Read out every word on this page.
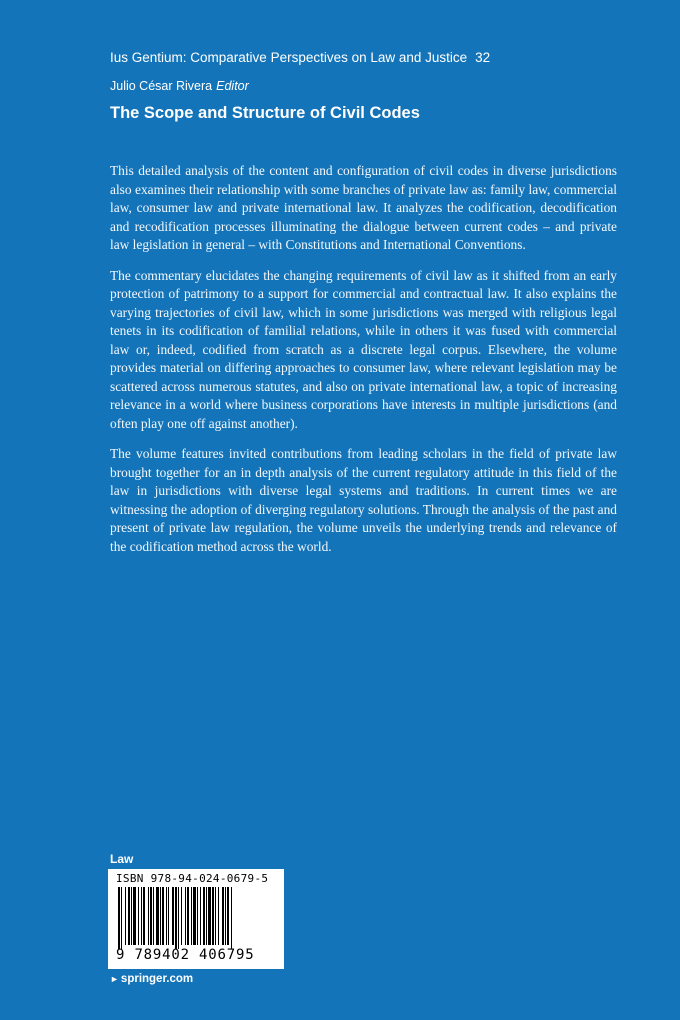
Ius Gentium: Comparative Perspectives on Law and Justice 32
Julio César Rivera Editor
The Scope and Structure of Civil Codes

This detailed analysis of the content and configuration of civil codes in diverse jurisdictions also examines their relationship with some branches of private law as: family law, commercial law, consumer law and private international law. It analyzes the codification, decodification and recodification processes illuminating the dialogue between current codes – and private law legislation in general – with Constitutions and International Conventions.

The commentary elucidates the changing requirements of civil law as it shifted from an early protection of patrimony to a support for commercial and contractual law. It also explains the varying trajectories of civil law, which in some jurisdictions was merged with religious legal tenets in its codification of familial relations, while in others it was fused with commercial law or, indeed, codified from scratch as a discrete legal corpus. Elsewhere, the volume provides material on differing approaches to consumer law, where relevant legislation may be scattered across numerous statutes, and also on private international law, a topic of increasing relevance in a world where business corporations have interests in multiple jurisdictions (and often play one off against another).

The volume features invited contributions from leading scholars in the field of private law brought together for an in depth analysis of the current regulatory attitude in this field of the law in jurisdictions with diverse legal systems and traditions. In current times we are witnessing the adoption of diverging regulatory solutions. Through the analysis of the past and present of private law regulation, the volume unveils the underlying trends and relevance of the codification method across the world.

Law
ISBN 978-94-024-0679-5
9 789402 406795
► springer.com
